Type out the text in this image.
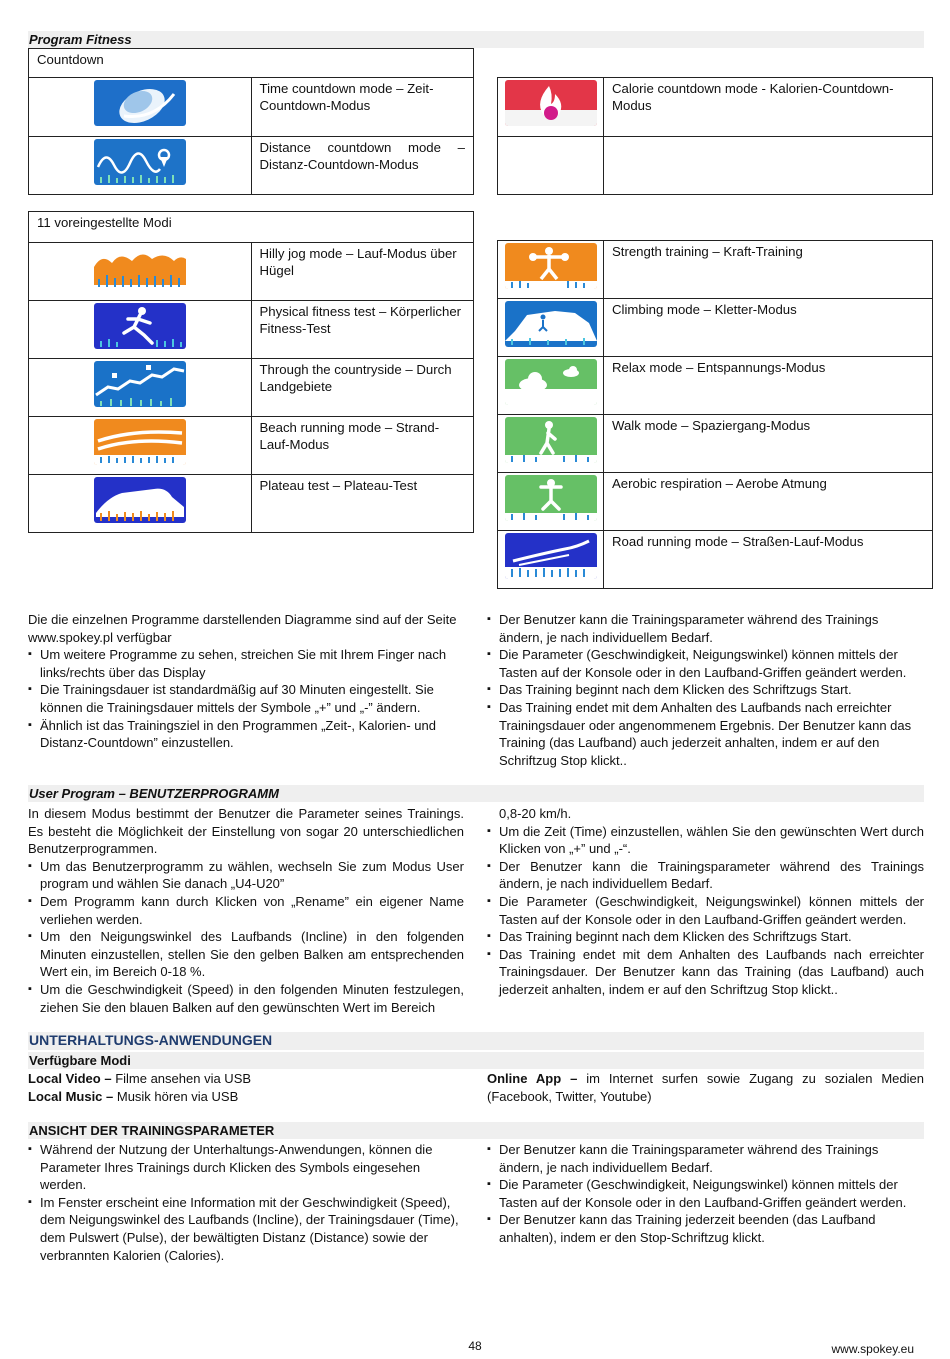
Program Fitness
Countdown	

	Time countdown mode – Zeit-Countdown-Modus

	Distance countdown mode – Distanz-Countdown-Modus
	Calorie countdown mode - Kalorien-Countdown-Modus

11 voreingestellte Modi	

	Hilly jog mode – Lauf-Modus über Hügel

	Physical fitness test – Körperlicher Fitness-Test

	Through the countryside – Durch Landgebiete

	Beach running mode – Strand-Lauf-Modus

	Plateau test – Plateau-Test
	Strength training – Kraft-Training

	Climbing mode – Kletter-Modus

	Relax mode – Entspannungs-Modus

	Walk mode – Spaziergang-Modus

	Aerobic respiration – Aerobe Atmung

	Road running mode – Straßen-Lauf-Modus

Die die einzelnen Programme darstellenden Diagramme sind auf der Seite www.spokey.pl verfügbar

▪ Um weitere Programme zu sehen, streichen Sie mit Ihrem Finger nach links/rechts über das Display
▪ Die Trainingsdauer ist standardmäßig auf 30 Minuten eingestellt. Sie können die Trainingsdauer mittels der Symbole „+” und „-” ändern.
▪ Ähnlich ist das Trainingsziel in den Programmen „Zeit-, Kalorien- und Distanz-Countdown” einzustellen.
▪ Der Benutzer kann die Trainingsparameter während des Trainings ändern, je nach individuellem Bedarf.
▪ Die Parameter (Geschwindigkeit, Neigungswinkel) können mittels der Tasten auf der Konsole oder in den Laufband-Griffen geändert werden.
▪ Das Training beginnt nach dem Klicken des Schriftzugs Start.
▪ Das Training endet mit dem Anhalten des Laufbands nach erreichter Trainingsdauer oder angenommenem Ergebnis. Der Benutzer kann das Training (das Laufband) auch jederzeit anhalten, indem er auf den Schriftzug Stop klickt..
User Program – BENUTZERPROGRAMM

In diesem Modus bestimmt der Benutzer die Parameter seines Trainings. Es besteht die Möglichkeit der Einstellung von sogar 20 unterschiedlichen Benutzerprogrammen.

▪ Um das Benutzerprogramm zu wählen, wechseln Sie zum Modus User program und wählen Sie danach „U4-U20”
▪ Dem Programm kann durch Klicken von „Rename” ein eigener Name verliehen werden.
▪ Um den Neigungswinkel des Laufbands (Incline) in den folgenden Minuten einzustellen, stellen Sie den gelben Balken am entsprechenden Wert ein, im Bereich 0-18 %.
▪ Um die Geschwindigkeit (Speed) in den folgenden Minuten festzulegen, ziehen Sie den blauen Balken auf den gewünschten Wert im Bereich

0,8-20 km/h.

▪ Um die Zeit (Time) einzustellen, wählen Sie den gewünschten Wert durch Klicken von „+” und „-“.
▪ Der Benutzer kann die Trainingsparameter während des Trainings ändern, je nach individuellem Bedarf.
▪ Die Parameter (Geschwindigkeit, Neigungswinkel) können mittels der Tasten auf der Konsole oder in den Laufband-Griffen geändert werden.
▪ Das Training beginnt nach dem Klicken des Schriftzugs Start.
▪ Das Training endet mit dem Anhalten des Laufbands nach erreichter Trainingsdauer. Der Benutzer kann das Training (das Laufband) auch jederzeit anhalten, indem er auf den Schriftzug Stop klickt..
UNTERHALTUNGS-ANWENDUNGEN
Verfügbare Modi

Local Video – Filme ansehen via USB

Local Music – Musik hören via USB

Online App – im Internet surfen sowie Zugang zu sozialen Medien (Facebook, Twitter, Youtube)

ANSICHT DER TRAININGSPARAMETER
▪ Während der Nutzung der Unterhaltungs-Anwendungen, können die Parameter Ihres Trainings durch Klicken des Symbols eingesehen werden.
▪ Im Fenster erscheint eine Information mit der Geschwindigkeit (Speed), dem Neigungswinkel des Laufbands (Incline), der Trainingsdauer (Time), dem Pulswert (Pulse), der bewältigten Distanz (Distance) sowie der verbrannten Kalorien (Calories).
▪ Der Benutzer kann die Trainingsparameter während des Trainings ändern, je nach individuellem Bedarf.
▪ Die Parameter (Geschwindigkeit, Neigungswinkel) können mittels der Tasten auf der Konsole oder in den Laufband-Griffen geändert werden.
▪ Der Benutzer kann das Training jederzeit beenden (das Laufband anhalten), indem er den Stop-Schriftzug klickt.
48	www.spokey.eu
